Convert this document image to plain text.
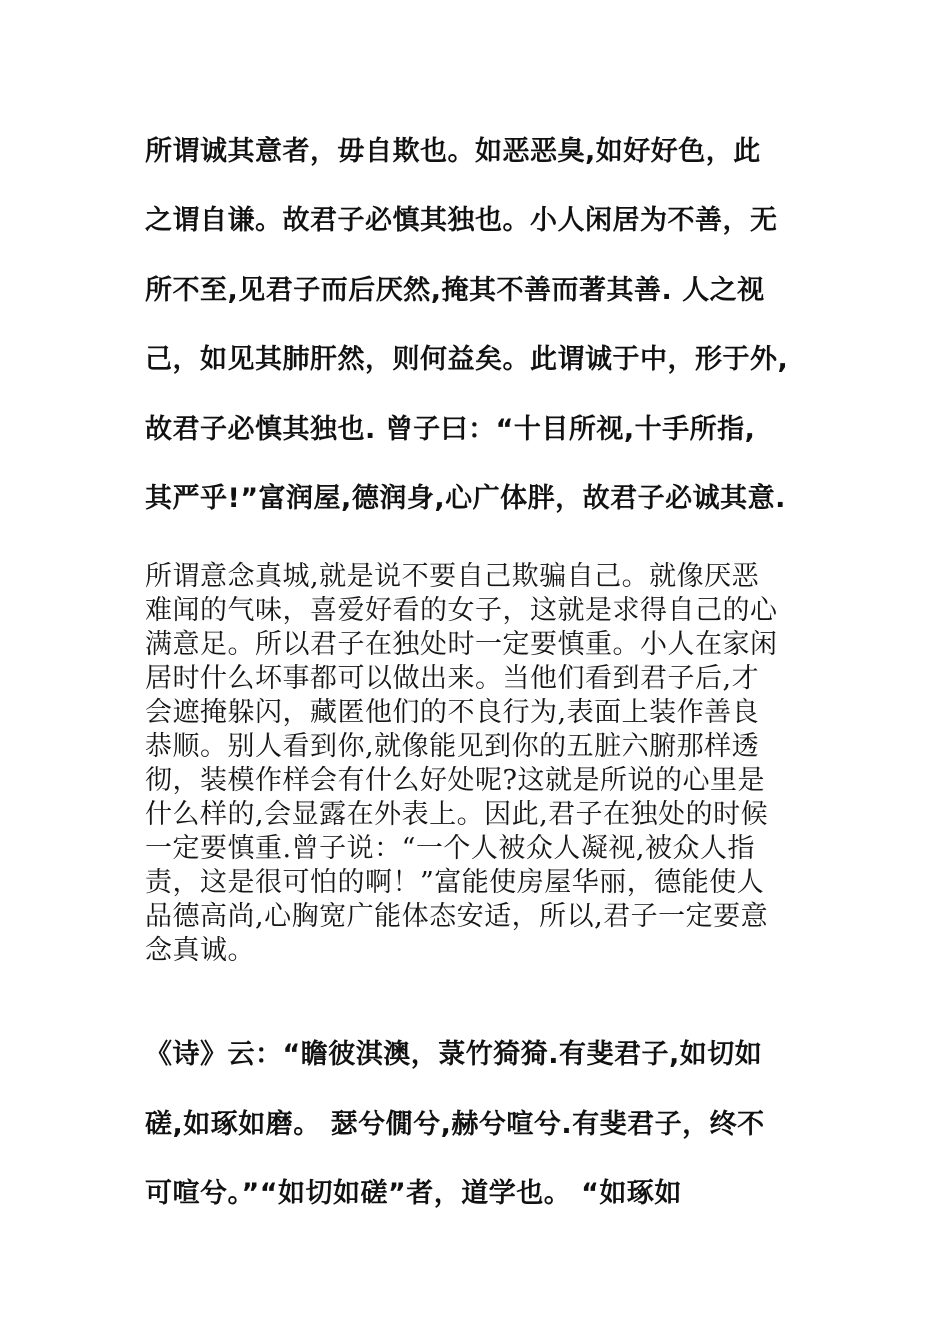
所谓诚其意者，毋自欺也。如恶恶臭,如好好色，此
之谓自谦。故君子必慎其独也。小人闲居为不善，无
所不至,见君子而后厌然,掩其不善而著其善. 人之视
己，如见其肺肝然，则何益矣。此谓诚于中，形于外,
故君子必慎其独也. 曾子曰：“十目所视,十手所指,
其严乎!”富润屋,德润身,心广体胖，故君子必诚其意.
所谓意念真城,就是说不要自己欺骗自己。就像厌恶
难闻的气味，喜爱好看的女子，这就是求得自己的心
满意足。所以君子在独处时一定要慎重。小人在家闲
居时什么坏事都可以做出来。当他们看到君子后,才
会遮掩躲闪，藏匿他们的不良行为,表面上装作善良
恭顺。别人看到你,就像能见到你的五脏六腑那样透
彻，装模作样会有什么好处呢?这就是所说的心里是
什么样的,会显露在外表上。因此,君子在独处的时候
一定要慎重.曾子说：“一个人被众人凝视,被众人指
责，这是很可怕的啊！”富能使房屋华丽，德能使人
品德高尚,心胸宽广能体态安适，所以,君子一定要意
念真诚。
《诗》云：“瞻彼淇澳，菉竹猗猗.有斐君子,如切如
磋,如琢如磨。 瑟兮僩兮,赫兮喧兮.有斐君子，终不
可喧兮。”“如切如磋”者，道学也。 “如琢如
